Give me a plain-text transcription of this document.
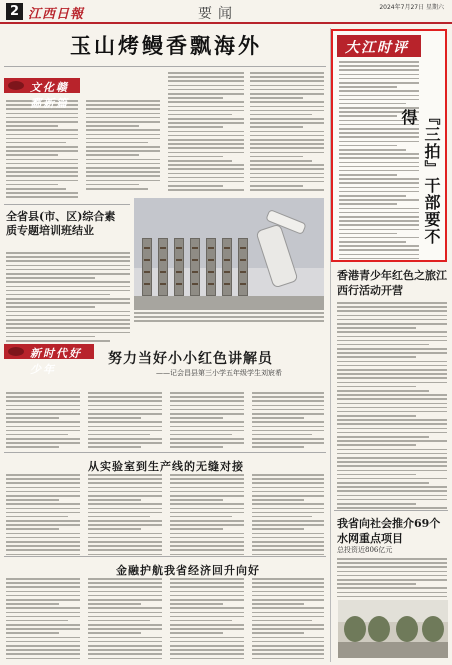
2 江西日報	要闻	2024年7月27日 星期六
玉山烤鳗香飘海外
文化赣鄱新篇
全省县(市、区)综合素质专题培训班结业
新时代好少年
努力当好小小红色讲解员
——记会昌县第三小学五年级学生刘宸希
从实验室到生产线的无缝对接
金融护航我省经济回升向好
大江时评
『三拍』干部要不得
香港青少年红色之旅江西行活动开营
我省向社会推介69个水网重点项目
总投资近806亿元
